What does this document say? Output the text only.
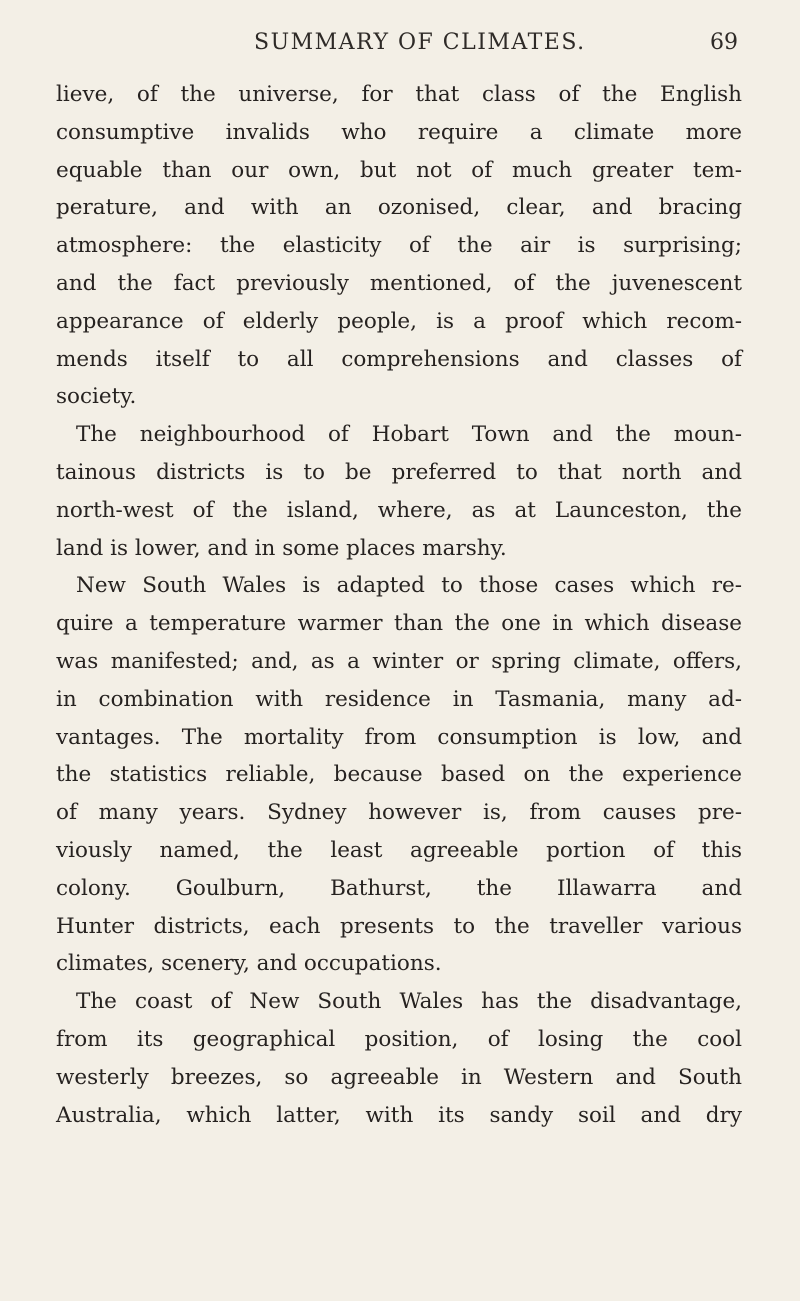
SUMMARY OF CLIMATES.	69
lieve, of the universe, for that class of the English
consumptive invalids who require a climate more
equable than our own, but not of much greater tem-
perature, and with an ozonised, clear, and bracing
atmosphere: the elasticity of the air is surprising;
and the fact previously mentioned, of the juvenescent
appearance of elderly people, is a proof which recom-
mends itself to all comprehensions and classes of
society.
The neighbourhood of Hobart Town and the moun-
tainous districts is to be preferred to that north and
north-west of the island, where, as at Launceston, the
land is lower, and in some places marshy.
New South Wales is adapted to those cases which re-
quire a temperature warmer than the one in which disease
was manifested; and, as a winter or spring climate, offers,
in combination with residence in Tasmania, many ad-
vantages. The mortality from consumption is low, and
the statistics reliable, because based on the experience
of many years. Sydney however is, from causes pre-
viously named, the least agreeable portion of this
colony. Goulburn, Bathurst, the Illawarra and
Hunter districts, each presents to the traveller various
climates, scenery, and occupations.
The coast of New South Wales has the disadvantage,
from its geographical position, of losing the cool
westerly breezes, so agreeable in Western and South
Australia, which latter, with its sandy soil and dry
